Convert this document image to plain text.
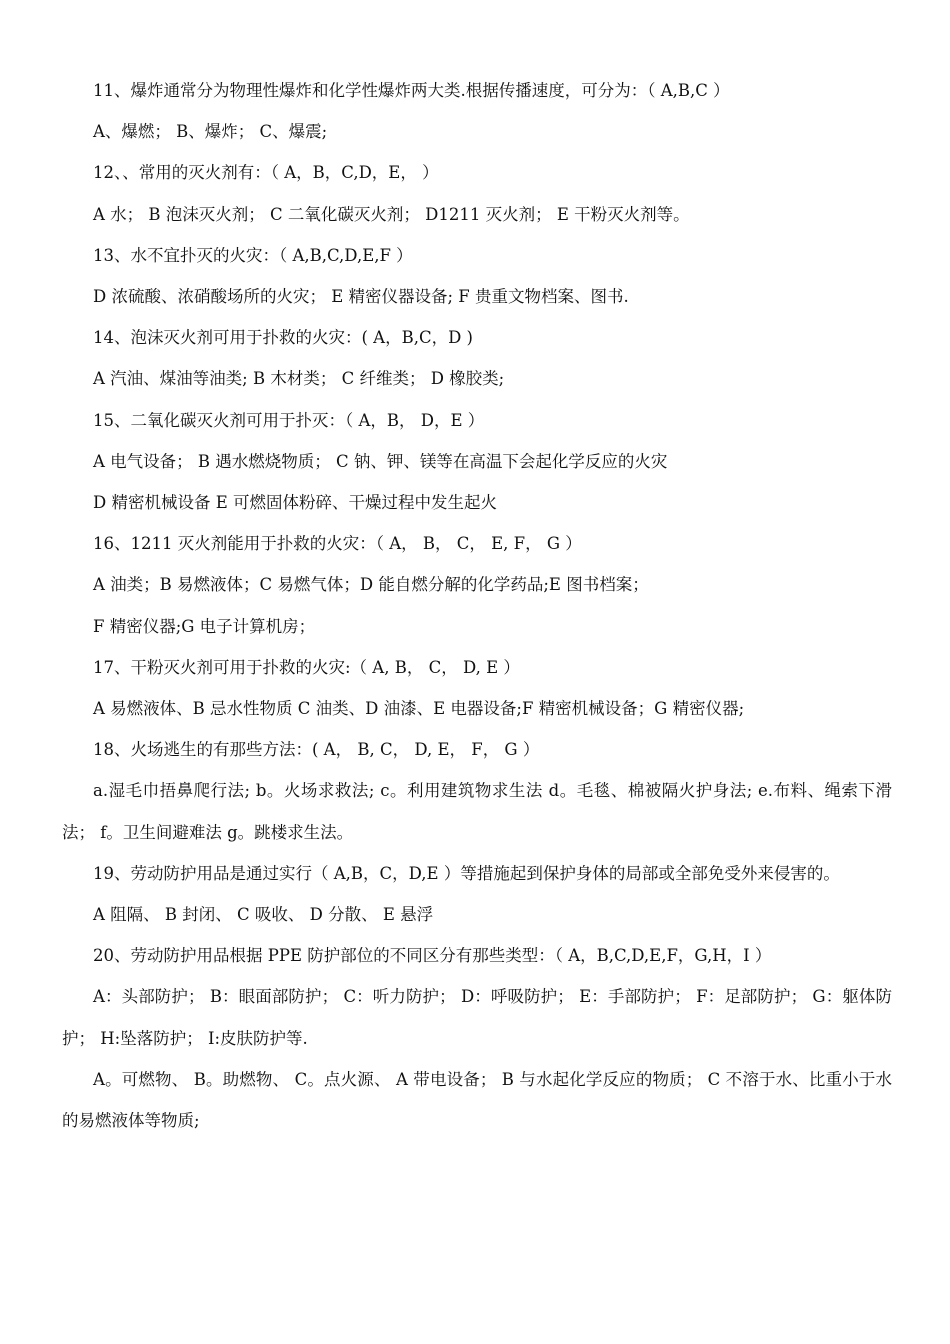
11、爆炸通常分为物理性爆炸和化学性爆炸两大类.根据传播速度，可分为：（ A,B,C ）

A、爆燃； B、爆炸； C、爆震;

12、、常用的灭火剂有：（ A，B，C,D，E， ）

A 水； B 泡沫灭火剂； C 二氧化碳灭火剂； D1211 灭火剂； E 干粉灭火剂等。

13、水不宜扑灭的火灾：（ A,B,C,D,E,F ）

D 浓硫酸、浓硝酸场所的火灾； E 精密仪器设备; F 贵重文物档案、图书.

14、泡沫灭火剂可用于扑救的火灾：( A，B,C，D )

A 汽油、煤油等油类; B 木材类； C 纤维类； D 橡胶类;

15、二氧化碳灭火剂可用于扑灭：（ A，B， D，E ）

A 电气设备； B 遇水燃烧物质； C 钠、钾、镁等在高温下会起化学反应的火灾

D 精密机械设备 E 可燃固体粉碎、干燥过程中发生起火

16、1211 灭火剂能用于扑救的火灾：（ A， B， C， E, F， G ）

A 油类；B 易燃液体；C 易燃气体；D 能自燃分解的化学药品;E 图书档案；

F 精密仪器;G 电子计算机房；

17、干粉灭火剂可用于扑救的火灾:（ A, B， C， D, E ）

A 易燃液体、B 忌水性物质 C 油类、D 油漆、E 电器设备;F 精密机械设备；G 精密仪器;

18、火场逃生的有那些方法：( A， B, C， D, E， F， G ）

a.湿毛巾捂鼻爬行法; b。火场求救法; c。利用建筑物求生法 d。毛毯、棉被隔火护身法; e.布料、绳索下滑法； f。卫生间避难法 g。跳楼求生法。

19、劳动防护用品是通过实行（ A,B，C，D,E ）等措施起到保护身体的局部或全部免受外来侵害的。

A 阻隔、 B 封闭、 C 吸收、 D 分散、 E 悬浮

20、劳动防护用品根据 PPE 防护部位的不同区分有那些类型：（ A，B,C,D,E,F，G,H，I ）

A：头部防护； B：眼面部防护； C：听力防护； D：呼吸防护； E：手部防护； F：足部防护； G：躯体防护； H:坠落防护； I:皮肤防护等.

A。可燃物、 B。助燃物、 C。点火源、 A 带电设备； B 与水起化学反应的物质； C 不溶于水、比重小于水的易燃液体等物质;
